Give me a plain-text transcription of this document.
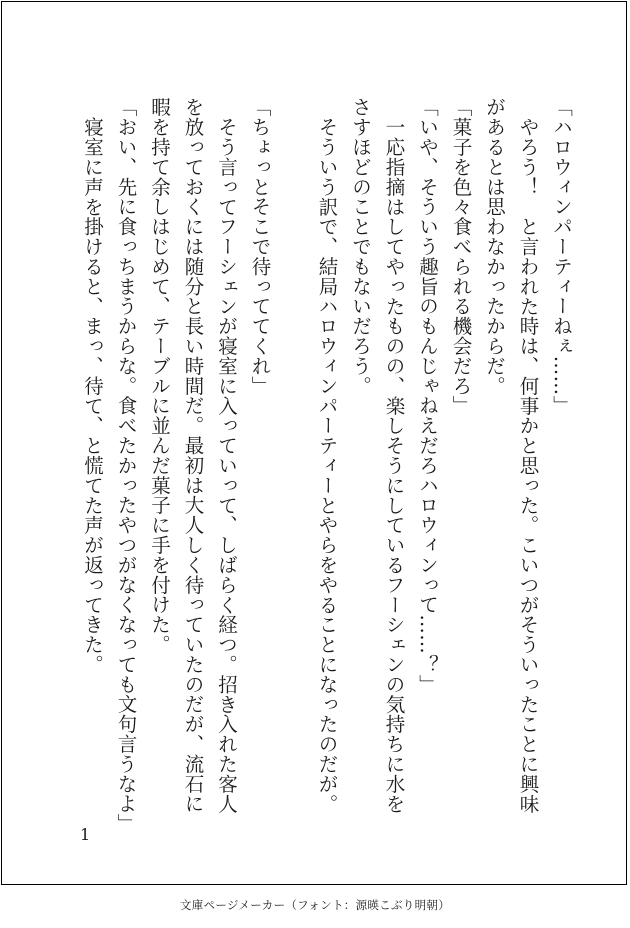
「ハロウィンパーティーねぇ……」

やろう！　と言われた時は、何事かと思った。こいつがそういったことに興味

があるとは思わなかったからだ。

「菓子を色々食べられる機会だろ」

「いや、そういう趣旨のもんじゃねえだろハロウィンって……？」

一応指摘はしてやったものの、楽しそうにしているフーシェンの気持ちに水を

さすほどのことでもないだろう。

そういう訳で、結局ハロウィンパーティーとやらをやることになったのだが。

「ちょっとそこで待っててくれ」

そう言ってフーシェンが寝室に入っていって、しばらく経つ。招き入れた客人

を放っておくには随分と長い時間だ。最初は大人しく待っていたのだが、流石に

暇を持て余しはじめて、テーブルに並んだ菓子に手を付けた。

「おい、先に食っちまうからな。食べたかったやつがなくなっても文句言うなよ」

寝室に声を掛けると、まっ、待て、と慌てた声が返ってきた。

1
文庫ページメーカー（フォント：源暎こぶり明朝）
